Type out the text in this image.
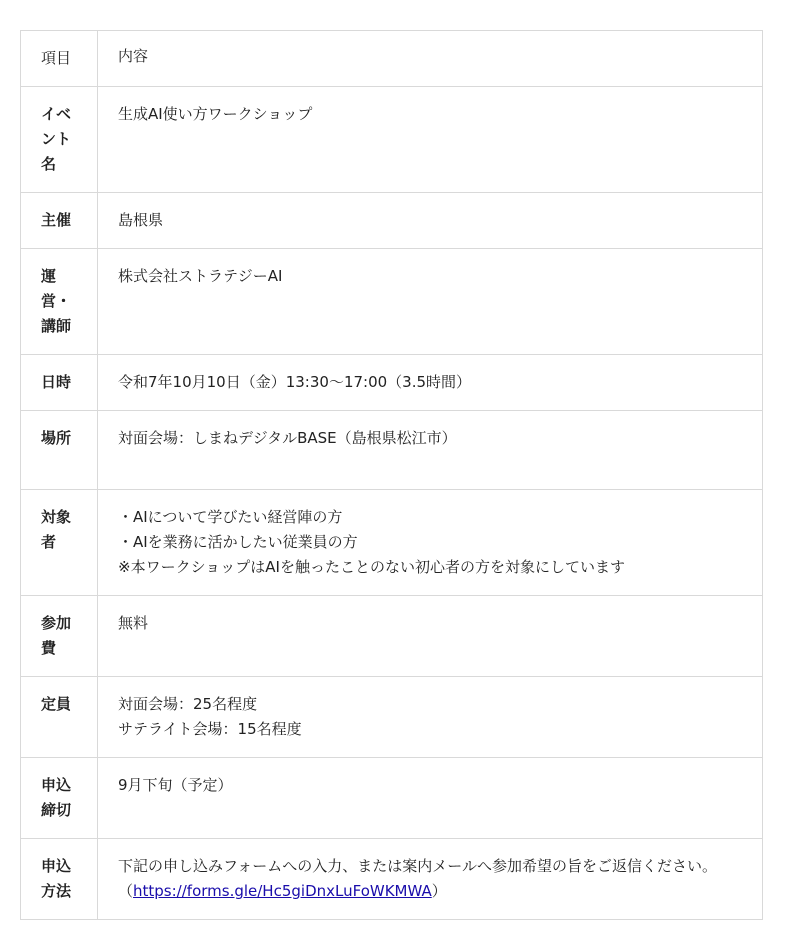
項目	内容

イベント名	生成AI使い方ワークショップ

主催	島根県

運営・講師	株式会社ストラテジーAI

日時	令和7年10月10日（金）13:30〜17:00（3.5時間）

場所	対面会場：しまねデジタルBASE（島根県松江市）

対象者	・AIについて学びたい経営陣の方
・AIを業務に活かしたい従業員の方
※本ワークショップはAIを触ったことのない初心者の方を対象にしています

参加費	無料

定員	対面会場：25名程度
サテライト会場：15名程度

申込締切	9月下旬（予定）

申込方法	下記の申し込みフォームへの入力、または案内メールへ参加希望の旨をご返信ください。（https://forms.gle/Hc5giDnxLuFoWKMWA）
